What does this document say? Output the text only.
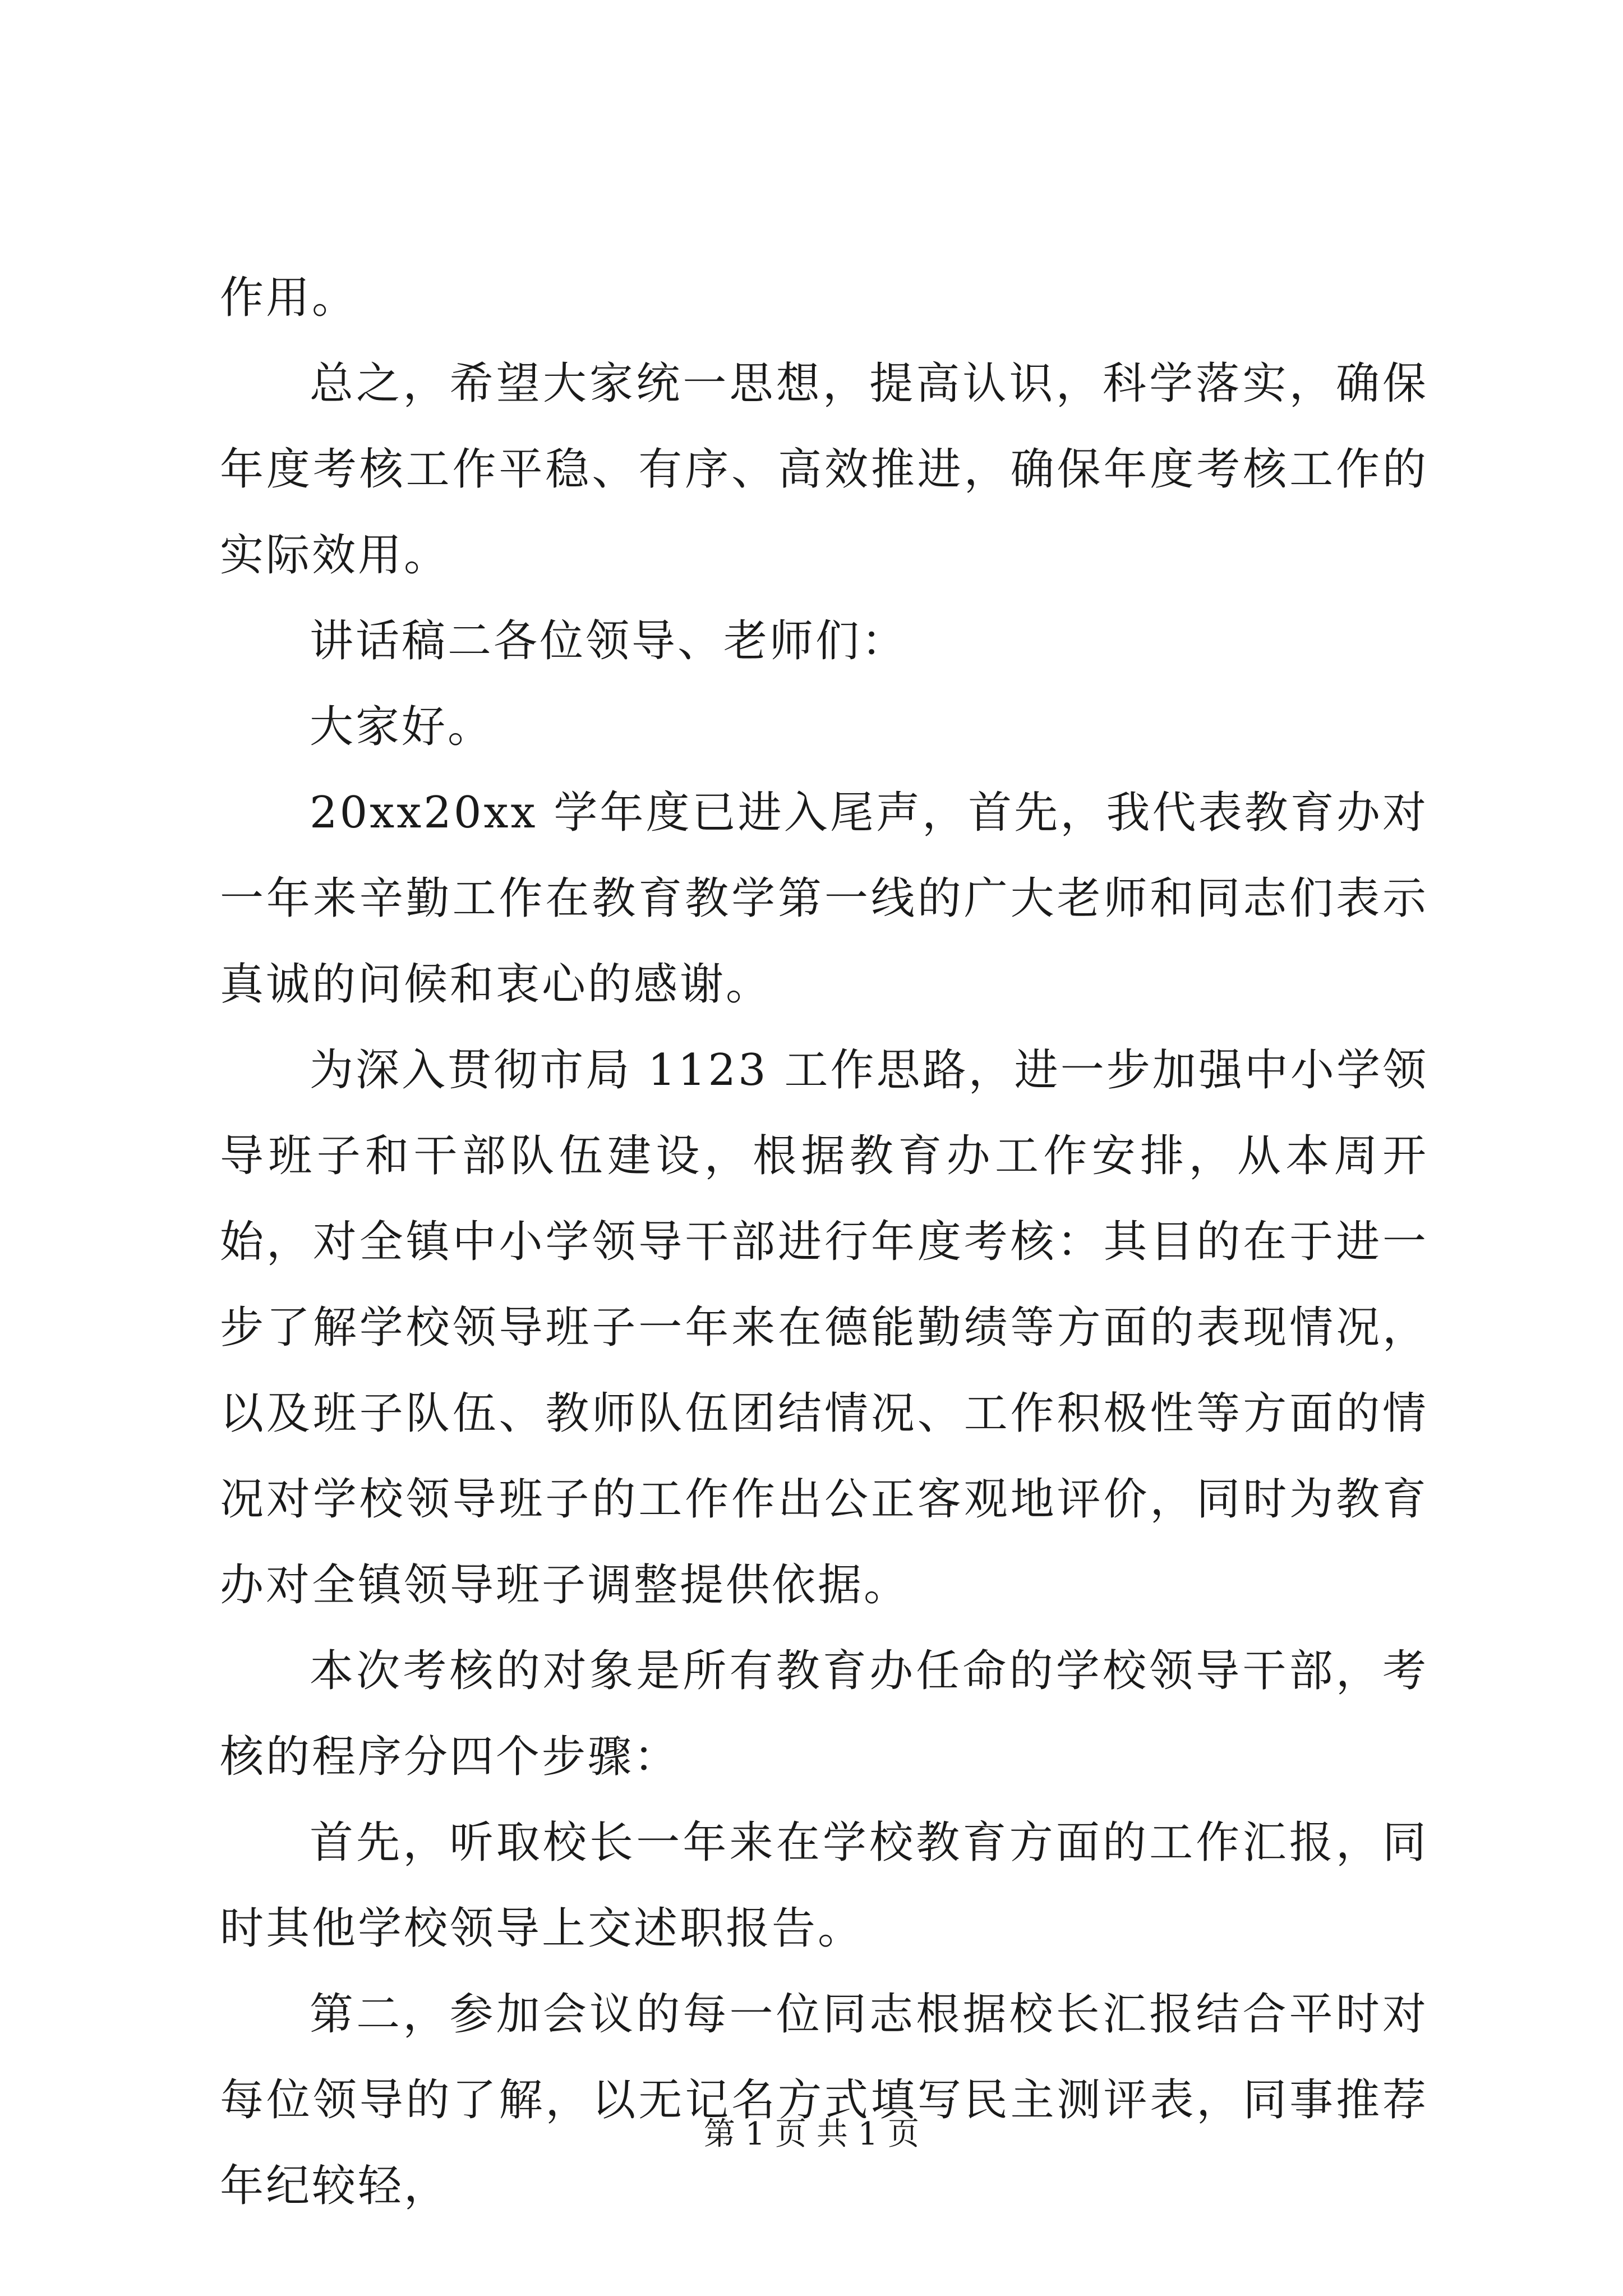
作用。

总之，希望大家统一思想，提高认识，科学落实，确保年度考核工作平稳、有序、高效推进，确保年度考核工作的实际效用。

讲话稿二各位领导、老师们：

大家好。

20xx20xx 学年度已进入尾声，首先，我代表教育办对一年来辛勤工作在教育教学第一线的广大老师和同志们表示真诚的问候和衷心的感谢。

为深入贯彻市局 1123 工作思路，进一步加强中小学领导班子和干部队伍建设，根据教育办工作安排，从本周开始，对全镇中小学领导干部进行年度考核：其目的在于进一步了解学校领导班子一年来在德能勤绩等方面的表现情况，以及班子队伍、教师队伍团结情况、工作积极性等方面的情况对学校领导班子的工作作出公正客观地评价，同时为教育办对全镇领导班子调整提供依据。

本次考核的对象是所有教育办任命的学校领导干部，考核的程序分四个步骤：

首先，听取校长一年来在学校教育方面的工作汇报，同时其他学校领导上交述职报告。

第二，参加会议的每一位同志根据校长汇报结合平时对每位领导的了解，以无记名方式填写民主测评表，同事推荐年纪较轻，

第 1 页 共 1 页
